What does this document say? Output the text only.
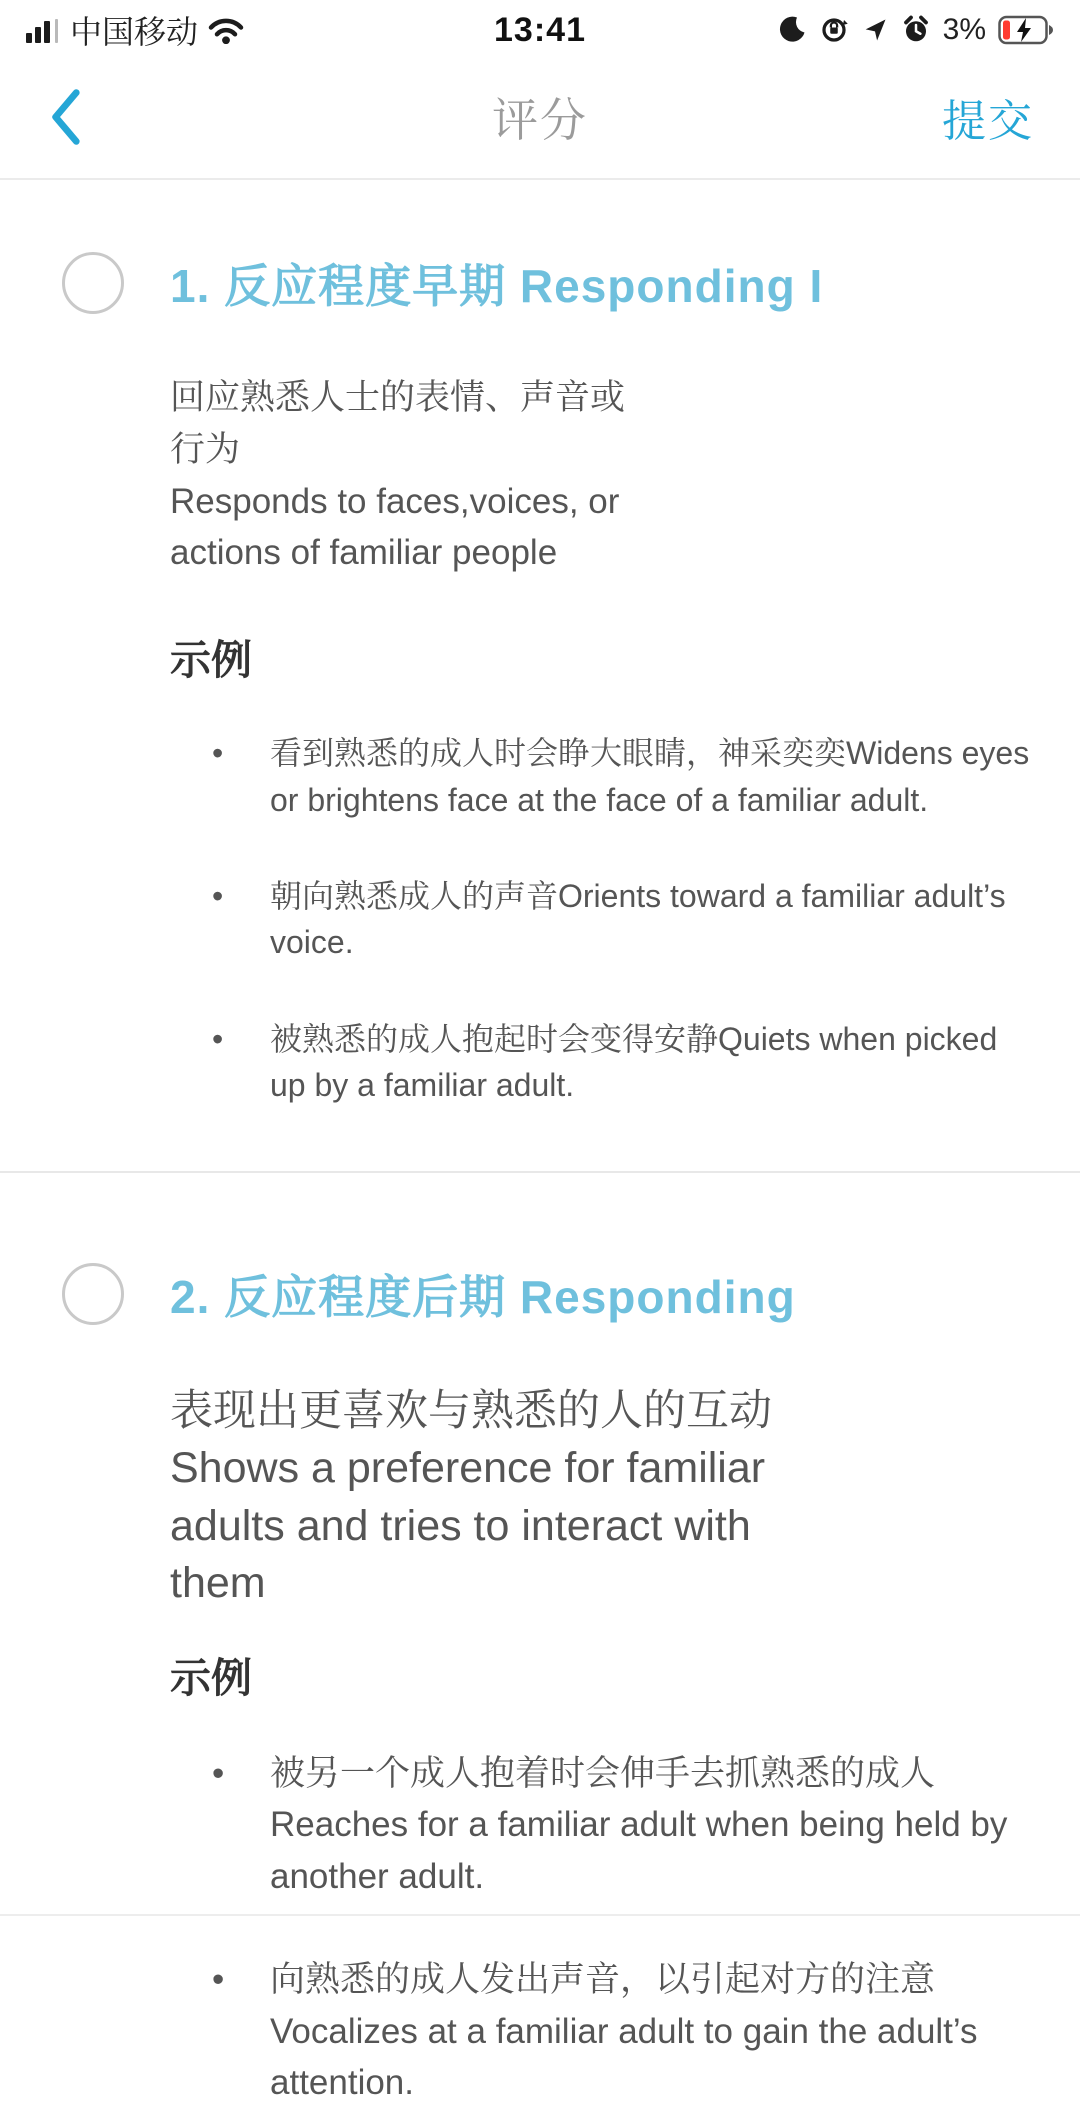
中国移动	13:41	3%
评分	提交
1. 反应程度早期 Responding I
回应熟悉人士的表情、声音或行为
Responds to faces,voices, or actions of familiar people
示例
• 看到熟悉的成人时会睁大眼睛，神采奕奕Widens eyes or brightens face at the face of a familiar adult.
• 朝向熟悉成人的声音Orients toward a familiar adult’s voice.
• 被熟悉的成人抱起时会变得安静Quiets when picked up by a familiar adult.
2. 反应程度后期 Responding
表现出更喜欢与熟悉的人的互动
Shows a preference for familiar adults and tries to interact with them
示例
• 被另一个成人抱着时会伸手去抓熟悉的成人Reaches for a familiar adult when being held by another adult.
• 向熟悉的成人发出声音，以引起对方的注意Vocalizes at a familiar adult to gain the adult’s attention.
